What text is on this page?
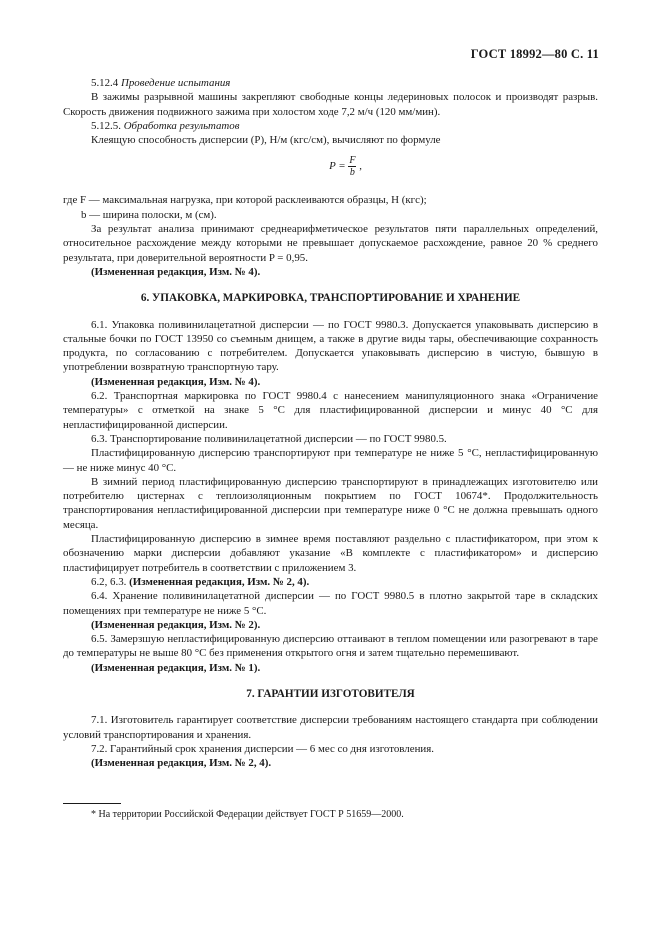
ГОСТ 18992—80 С. 11

5.12.4 Проведение испытания

В зажимы разрывной машины закрепляют свободные концы ледериновых полосок и производят разрыв. Скорость движения подвижного зажима при холостом ходе 7,2 м/ч (120 мм/мин).

5.12.5. Обработка результатов

Клеящую способность дисперсии (P), Н/м (кгс/см), вычисляют по формуле

$P = \frac{F}{b}$ ,

где F — максимальная нагрузка, при которой расклеиваются образцы, Н (кгс);

b — ширина полоски, м (см).

За результат анализа принимают среднеарифметическое результатов пяти параллельных определений, относительное расхождение между которыми не превышает допускаемое расхождение, равное 20 % среднего результата, при доверительной вероятности P = 0,95.

(Измененная редакция, Изм. № 4).

6. УПАКОВКА, МАРКИРОВКА, ТРАНСПОРТИРОВАНИЕ И ХРАНЕНИЕ

6.1. Упаковка поливинилацетатной дисперсии — по ГОСТ 9980.3. Допускается упаковывать дисперсию в стальные бочки по ГОСТ 13950 со съемным днищем, а также в другие виды тары, обеспечивающие сохранность продукта, по согласованию с потребителем. Допускается упаковывать дисперсию в чистую, бывшую в употреблении возвратную транспортную тару.

(Измененная редакция, Изм. № 4).

6.2. Транспортная маркировка по ГОСТ 9980.4 с нанесением манипуляционного знака «Ограничение температуры» с отметкой на знаке 5 °С для пластифицированной дисперсии и минус 40 °С для непластифицированной дисперсии.

6.3. Транспортирование поливинилацетатной дисперсии — по ГОСТ 9980.5.

Пластифицированную дисперсию транспортируют при температуре не ниже 5 °С, непластифицированную — не ниже минус 40 °С.

В зимний период пластифицированную дисперсию транспортируют в принадлежащих изготовителю или потребителю цистернах с теплоизоляционным покрытием по ГОСТ 10674*. Продолжительность транспортирования непластифицированной дисперсии при температуре ниже 0 °С не должна превышать одного месяца.

Пластифицированную дисперсию в зимнее время поставляют раздельно с пластификатором, при этом к обозначению марки дисперсии добавляют указание «В комплекте с пластификатором» и дисперсию пластифицирует потребитель в соответствии с приложением 3.

6.2, 6.3. (Измененная редакция, Изм. № 2, 4).

6.4. Хранение поливинилацетатной дисперсии — по ГОСТ 9980.5 в плотно закрытой таре в складских помещениях при температуре не ниже 5 °С.

(Измененная редакция, Изм. № 2).

6.5. Замерзшую непластифицированную дисперсию оттаивают в теплом помещении или разогревают в таре до температуры не выше 80 °С без применения открытого огня и затем тщательно перемешивают.

(Измененная редакция, Изм. № 1).

7. ГАРАНТИИ ИЗГОТОВИТЕЛЯ

7.1. Изготовитель гарантирует соответствие дисперсии требованиям настоящего стандарта при соблюдении условий транспортирования и хранения.

7.2. Гарантийный срок хранения дисперсии — 6 мес со дня изготовления.

(Измененная редакция, Изм. № 2, 4).

* На территории Российской Федерации действует ГОСТ Р 51659—2000.
